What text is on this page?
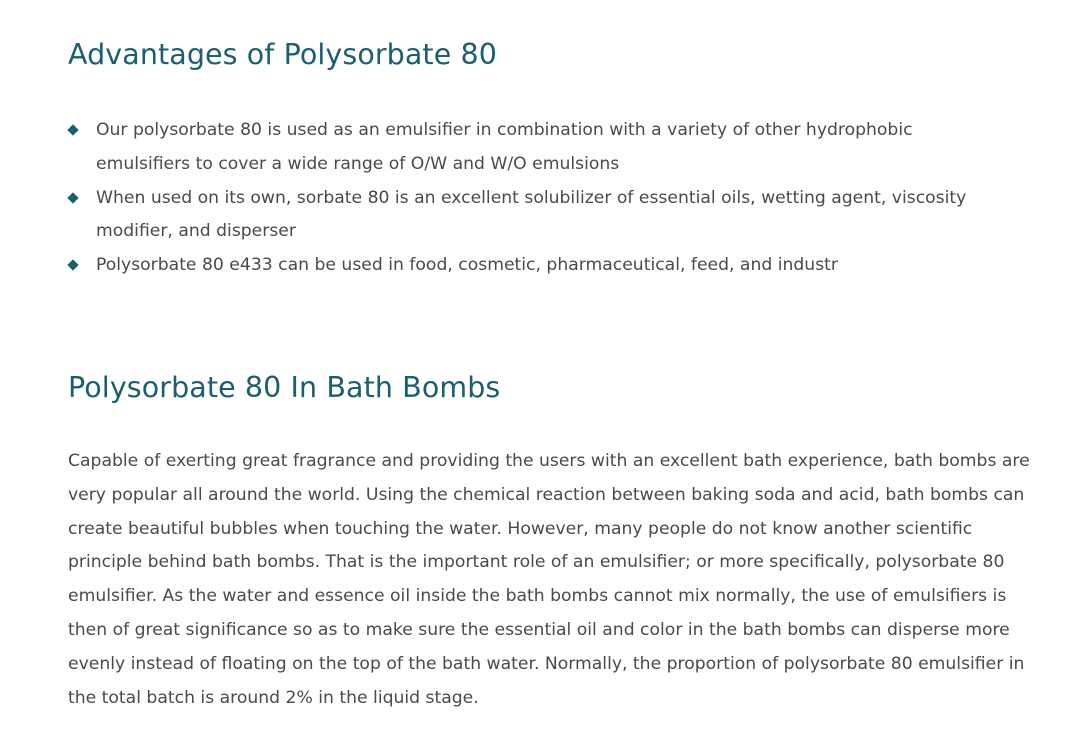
Advantages of Polysorbate 80
Our polysorbate 80 is used as an emulsifier in combination with a variety of other hydrophobic emulsifiers to cover a wide range of O/W and W/O emulsions
When used on its own, sorbate 80 is an excellent solubilizer of essential oils, wetting agent, viscosity modifier, and disperser
Polysorbate 80 e433 can be used in food, cosmetic, pharmaceutical, feed, and industr
Polysorbate 80 In Bath Bombs

Capable of exerting great fragrance and providing the users with an excellent bath experience, bath bombs are very popular all around the world. Using the chemical reaction between baking soda and acid, bath bombs can create beautiful bubbles when touching the water. However, many people do not know another scientific principle behind bath bombs. That is the important role of an emulsifier; or more specifically, polysorbate 80 emulsifier. As the water and essence oil inside the bath bombs cannot mix normally, the use of emulsifiers is then of great significance so as to make sure the essential oil and color in the bath bombs can disperse more evenly instead of floating on the top of the bath water. Normally, the proportion of polysorbate 80 emulsifier in the total batch is around 2% in the liquid stage.
